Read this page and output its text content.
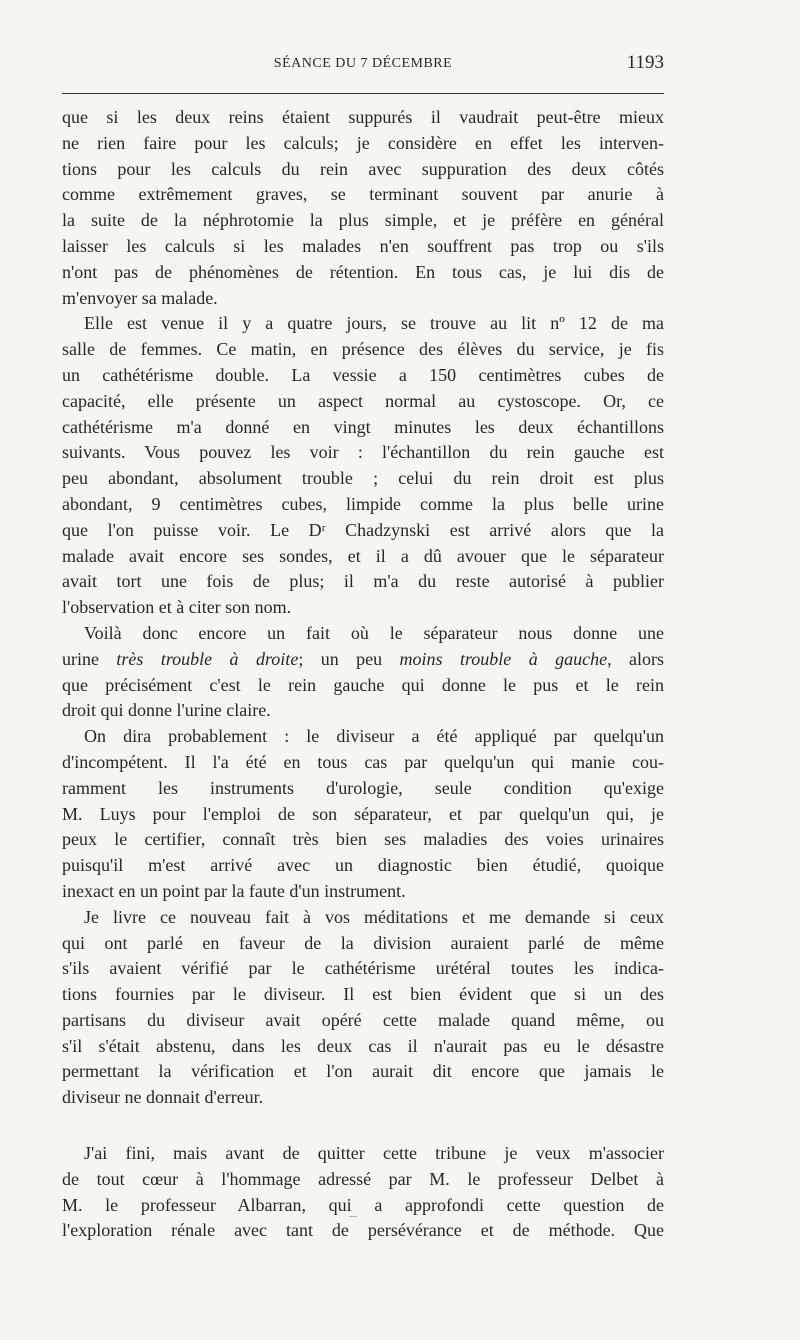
SÉANCE DU 7 DÉCEMBRE	1193
que si les deux reins étaient suppurés il vaudrait peut-être mieux
ne rien faire pour les calculs; je considère en effet les interven-
tions pour les calculs du rein avec suppuration des deux côtés
comme extrêmement graves, se terminant souvent par anurie à
la suite de la néphrotomie la plus simple, et je préfère en général
laisser les calculs si les malades n'en souffrent pas trop ou s'ils
n'ont pas de phénomènes de rétention. En tous cas, je lui dis de
m'envoyer sa malade.
Elle est venue il y a quatre jours, se trouve au lit nº 12 de ma
salle de femmes. Ce matin, en présence des élèves du service, je fis
un cathétérisme double. La vessie a 150 centimètres cubes de
capacité, elle présente un aspect normal au cystoscope. Or, ce
cathétérisme m'a donné en vingt minutes les deux échantillons
suivants. Vous pouvez les voir : l'échantillon du rein gauche est
peu abondant, absolument trouble ; celui du rein droit est plus
abondant, 9 centimètres cubes, limpide comme la plus belle urine
que l'on puisse voir. Le Dʳ Chadzynski est arrivé alors que la
malade avait encore ses sondes, et il a dû avouer que le séparateur
avait tort une fois de plus; il m'a du reste autorisé à publier
l'observation et à citer son nom.
Voilà donc encore un fait où le séparateur nous donne une
urine très trouble à droite; un peu moins trouble à gauche, alors
que précisément c'est le rein gauche qui donne le pus et le rein
droit qui donne l'urine claire.
On dira probablement : le diviseur a été appliqué par quelqu'un
d'incompétent. Il l'a été en tous cas par quelqu'un qui manie cou-
ramment les instruments d'urologie, seule condition qu'exige
M. Luys pour l'emploi de son séparateur, et par quelqu'un qui, je
peux le certifier, connaît très bien ses maladies des voies urinaires
puisqu'il m'est arrivé avec un diagnostic bien étudié, quoique
inexact en un point par la faute d'un instrument.
Je livre ce nouveau fait à vos méditations et me demande si ceux
qui ont parlé en faveur de la division auraient parlé de même
s'ils avaient vérifié par le cathétérisme urétéral toutes les indica-
tions fournies par le diviseur. Il est bien évident que si un des
partisans du diviseur avait opéré cette malade quand même, ou
s'il s'était abstenu, dans les deux cas il n'aurait pas eu le désastre
permettant la vérification et l'on aurait dit encore que jamais le
diviseur ne donnait d'erreur.
J'ai fini, mais avant de quitter cette tribune je veux m'associer
de tout cœur à l'hommage adressé par M. le professeur Delbet à
M. le professeur Albarran, qui a approfondi cette question de
l'exploration rénale avec tant de persévérance et de méthode. Que
